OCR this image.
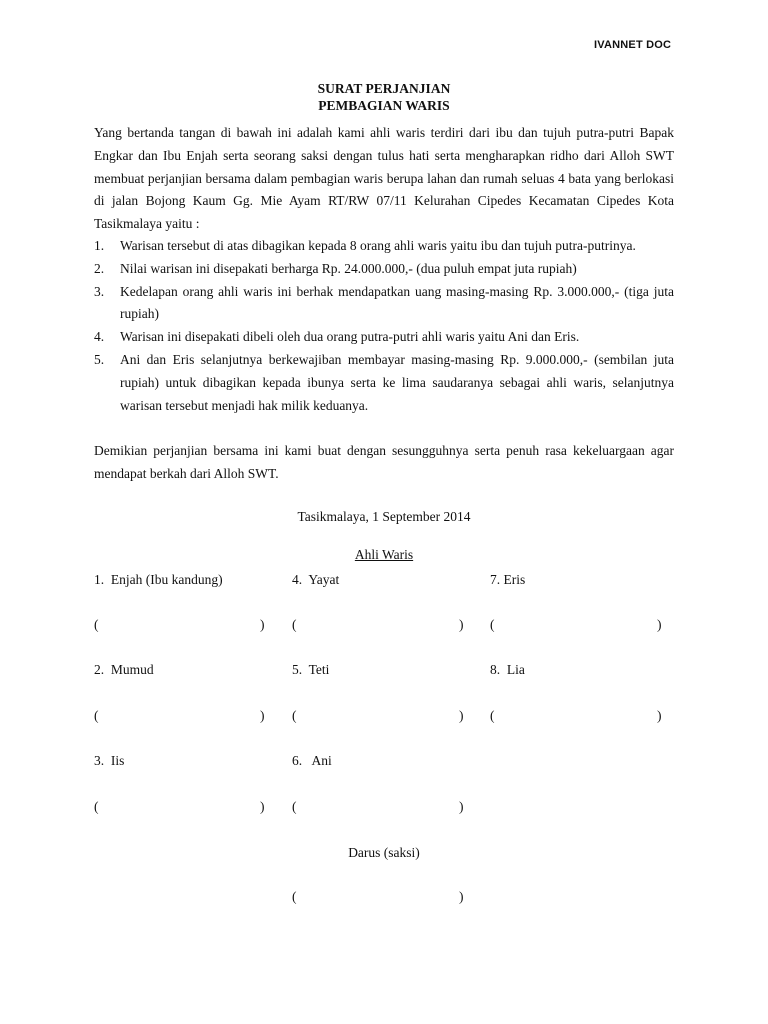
IVANNET DOC
SURAT PERJANJIAN
PEMBAGIAN WARIS
Yang bertanda tangan di bawah ini adalah kami ahli waris terdiri dari ibu dan tujuh putra-putri Bapak Engkar dan Ibu Enjah serta seorang saksi dengan tulus hati serta mengharapkan ridho dari Alloh SWT membuat perjanjian bersama dalam pembagian waris berupa lahan dan rumah seluas 4 bata yang berlokasi di jalan Bojong Kaum Gg. Mie Ayam RT/RW 07/11 Kelurahan Cipedes Kecamatan Cipedes Kota Tasikmalaya yaitu :
1.	Warisan tersebut di atas dibagikan kepada 8 orang ahli waris yaitu ibu dan tujuh putra-putrinya.
2.	Nilai warisan ini disepakati berharga Rp. 24.000.000,- (dua puluh empat juta rupiah)
3.	Kedelapan orang ahli waris ini berhak mendapatkan uang masing-masing Rp. 3.000.000,- (tiga juta rupiah)
4.	Warisan ini disepakati dibeli oleh dua orang putra-putri ahli waris yaitu Ani dan Eris.
5.	Ani dan Eris selanjutnya berkewajiban membayar masing-masing Rp. 9.000.000,- (sembilan juta rupiah) untuk dibagikan kepada ibunya serta ke lima saudaranya sebagai ahli waris, selanjutnya warisan tersebut menjadi hak milik keduanya.
Demikian perjanjian bersama ini kami buat dengan sesungguhnya serta penuh rasa kekeluargaan agar mendapat berkah dari Alloh SWT.
Tasikmalaya, 1 September 2014
Ahli Waris
1.  Enjah (Ibu kandung)	4.  Yayat	7. Eris
2.  Mumud	5.  Teti	8.  Lia
3.  Iis	6.   Ani
(	) (	) (	)
(	) (	) (	)
(	) (	)
Darus (saksi)
(	)
